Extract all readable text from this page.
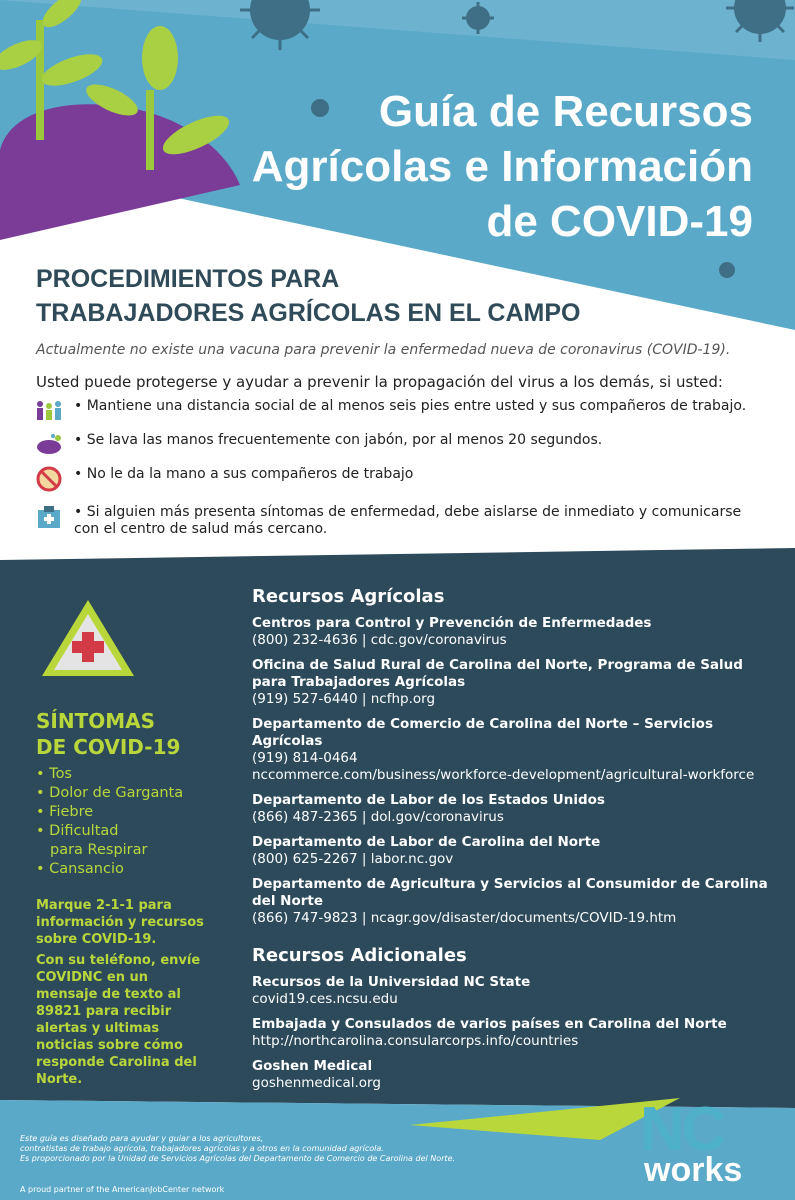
Guía de Recursos
Agrícolas e Información
de COVID-19
PROCEDIMIENTOS PARA
TRABAJADORES AGRÍCOLAS EN EL CAMPO
Actualmente no existe una vacuna para prevenir la enfermedad nueva de coronavirus (COVID-19).
Usted puede protegerse y ayudar a prevenir la propagación del virus a los demás, si usted:
• Mantiene una distancia social de al menos seis pies entre usted y sus compañeros de trabajo.
• Se lava las manos frecuentemente con jabón, por al menos 20 segundos.
• No le da la mano a sus compañeros de trabajo
• Si alguien más presenta síntomas de enfermedad, debe aislarse de inmediato y comunicarse con el centro de salud más cercano.
SÍNTOMAS
DE COVID-19
• Tos
• Dolor de Garganta
• Fiebre
• Dificultad
para Respirar
• Cansancio
Marque 2-1-1 para información y recursos sobre COVID-19.
Con su teléfono, envíe COVIDNC en un mensaje de texto al 89821 para recibir alertas y ultimas noticias sobre cómo responde Carolina del Norte.
Recursos Agrícolas
Centros para Control y Prevención de Enfermedades
(800) 232-4636 | cdc.gov/coronavirus
Oficina de Salud Rural de Carolina del Norte, Programa de Salud para Trabajadores Agrícolas
(919) 527-6440 | ncfhp.org
Departamento de Comercio de Carolina del Norte – Servicios Agrícolas
(919) 814-0464
nccommerce.com/business/workforce-development/agricultural-workforce
Departamento de Labor de los Estados Unidos
(866) 487-2365 | dol.gov/coronavirus
Departamento de Labor de Carolina del Norte
(800) 625-2267 | labor.nc.gov
Departamento de Agricultura y Servicios al Consumidor de Carolina del Norte
(866) 747-9823 | ncagr.gov/disaster/documents/COVID-19.htm
Recursos Adicionales
Recursos de la Universidad NC State
covid19.ces.ncsu.edu
Embajada y Consulados de varios países en Carolina del Norte
http://northcarolina.consularcorps.info/countries
Goshen Medical
goshenmedical.org
Este guía es diseñado para ayudar y guiar a los agricultores,
contratistas de trabajo agrícola, trabajadores agrícolas y a otros en la comunidad agrícola.
Es proporcionado por la Unidad de Servicios Agrícolas del Departamento de Comercio de Carolina del Norte.
A proud partner of the AmericanJobCenter network
NC
works
